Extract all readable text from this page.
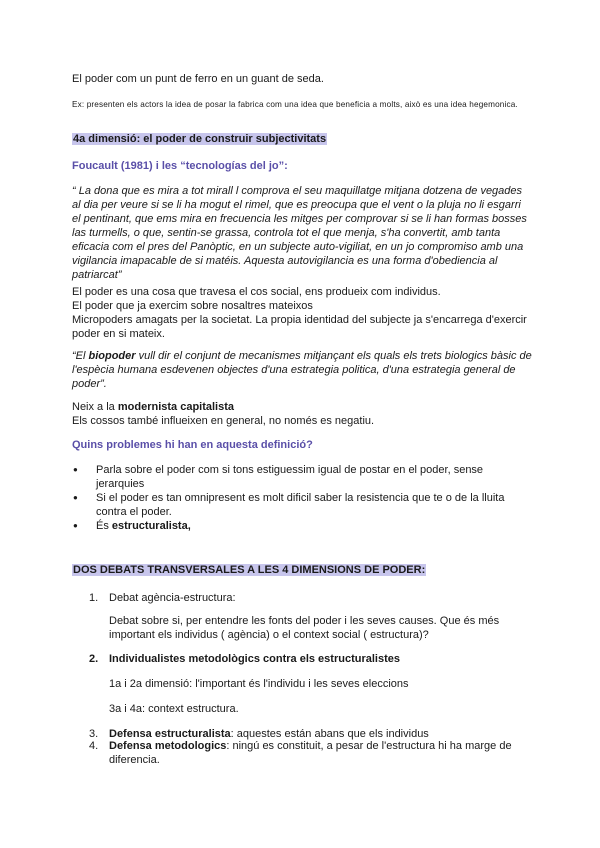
El poder com un punt de ferro en un guant de seda.
Ex: presenten els actors la idea de posar la fabrica com una idea que beneficia a molts, això es una idea hegemonica.
4a dimensió: el poder de construir subjectivitats
Foucault (1981) i les “tecnologías del jo”:
“ La dona que es mira a tot mirall l comprova el seu maquillatge mitjana dotzena de vegades al dia per veure si se li ha mogut el rimel, que es preocupa que el vent o la pluja no li esgarri el pentinant, que ems mira en frecuencia les mitges per comprovar si se li han formas bosses las turmells, o que, sentin-se grassa, controla tot el que menja, s'ha convertit, amb tanta eficacia com el pres del Panòptic, en un subjecte auto-vigiliat, en un jo compromiso amb una vigilancia imapacable de si matéis. Aquesta autovigilancia es una forma d'obediencia al patriarcat”
El poder es una cosa que travesa el cos social, ens produeix com individus.
El poder que ja exercim sobre nosaltres mateixos
Micropoders amagats per la societat. La propia identidad del subjecte ja s'encarrega d'exercir poder en si mateix.
“El biopoder vull dir el conjunt de mecanismes mitjançant els quals els trets biologics bàsic de l'espècia humana esdevenen objectes d'una estrategia politica, d'una estrategia general de poder”.
Neix a la modernista capitalista
Els cossos també influeixen en general, no només es negatiu.
Quins problemes hi han en aquesta definició?
● Parla sobre el poder com si tons estiguessim igual de postar en el poder, sense jerarquies
● Si el poder es tan omnipresent es molt dificil saber la resistencia que te o de la lluita contra el poder.
● És estructuralista,
DOS DEBATS TRANSVERSALES A LES 4 DIMENSIONS DE PODER:
1. Debat agència-estructura:
Debat sobre si, per entendre les fonts del poder i les seves causes. Que és més important els individus ( agència) o el context social ( estructura)?
2. Individualistes metodològics contra els estructuralistes
1a i 2a dimensió: l'important és l'individu i les seves eleccions
3a i 4a: context estructura.
3. Defensa estructuralista: aquestes están abans que els individus
4. Defensa metodologics: ningú es constituit, a pesar de l'estructura hi ha marge de diferencia.
